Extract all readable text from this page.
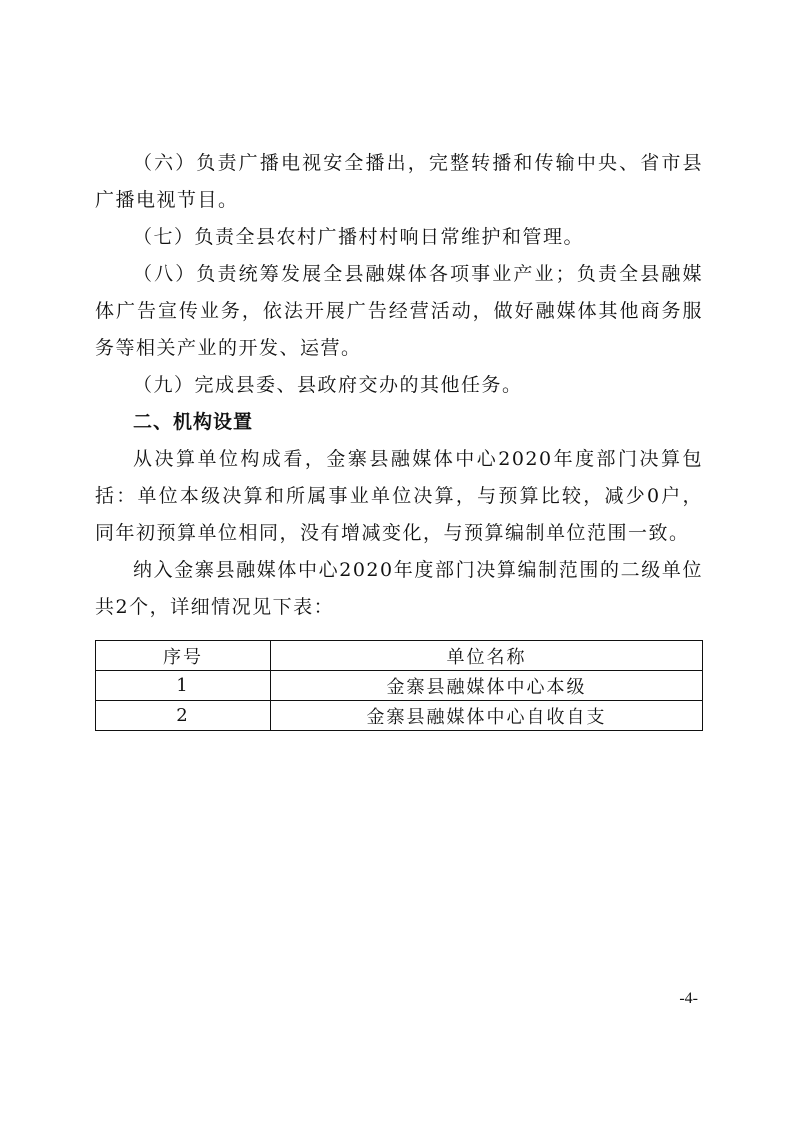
（六）负责广播电视安全播出，完整转播和传输中央、省市县广播电视节目。

（七）负责全县农村广播村村响日常维护和管理。

（八）负责统筹发展全县融媒体各项事业产业；负责全县融媒体广告宣传业务，依法开展广告经营活动，做好融媒体其他商务服务等相关产业的开发、运营。

（九）完成县委、县政府交办的其他任务。

二、机构设置

从决算单位构成看，金寨县融媒体中心2020年度部门决算包括：单位本级决算和所属事业单位决算，与预算比较，减少0户，同年初预算单位相同，没有增减变化，与预算编制单位范围一致。

纳入金寨县融媒体中心2020年度部门决算编制范围的二级单位共2个，详细情况见下表：

序号	单位名称
1	金寨县融媒体中心本级
2	金寨县融媒体中心自收自支
-4-
